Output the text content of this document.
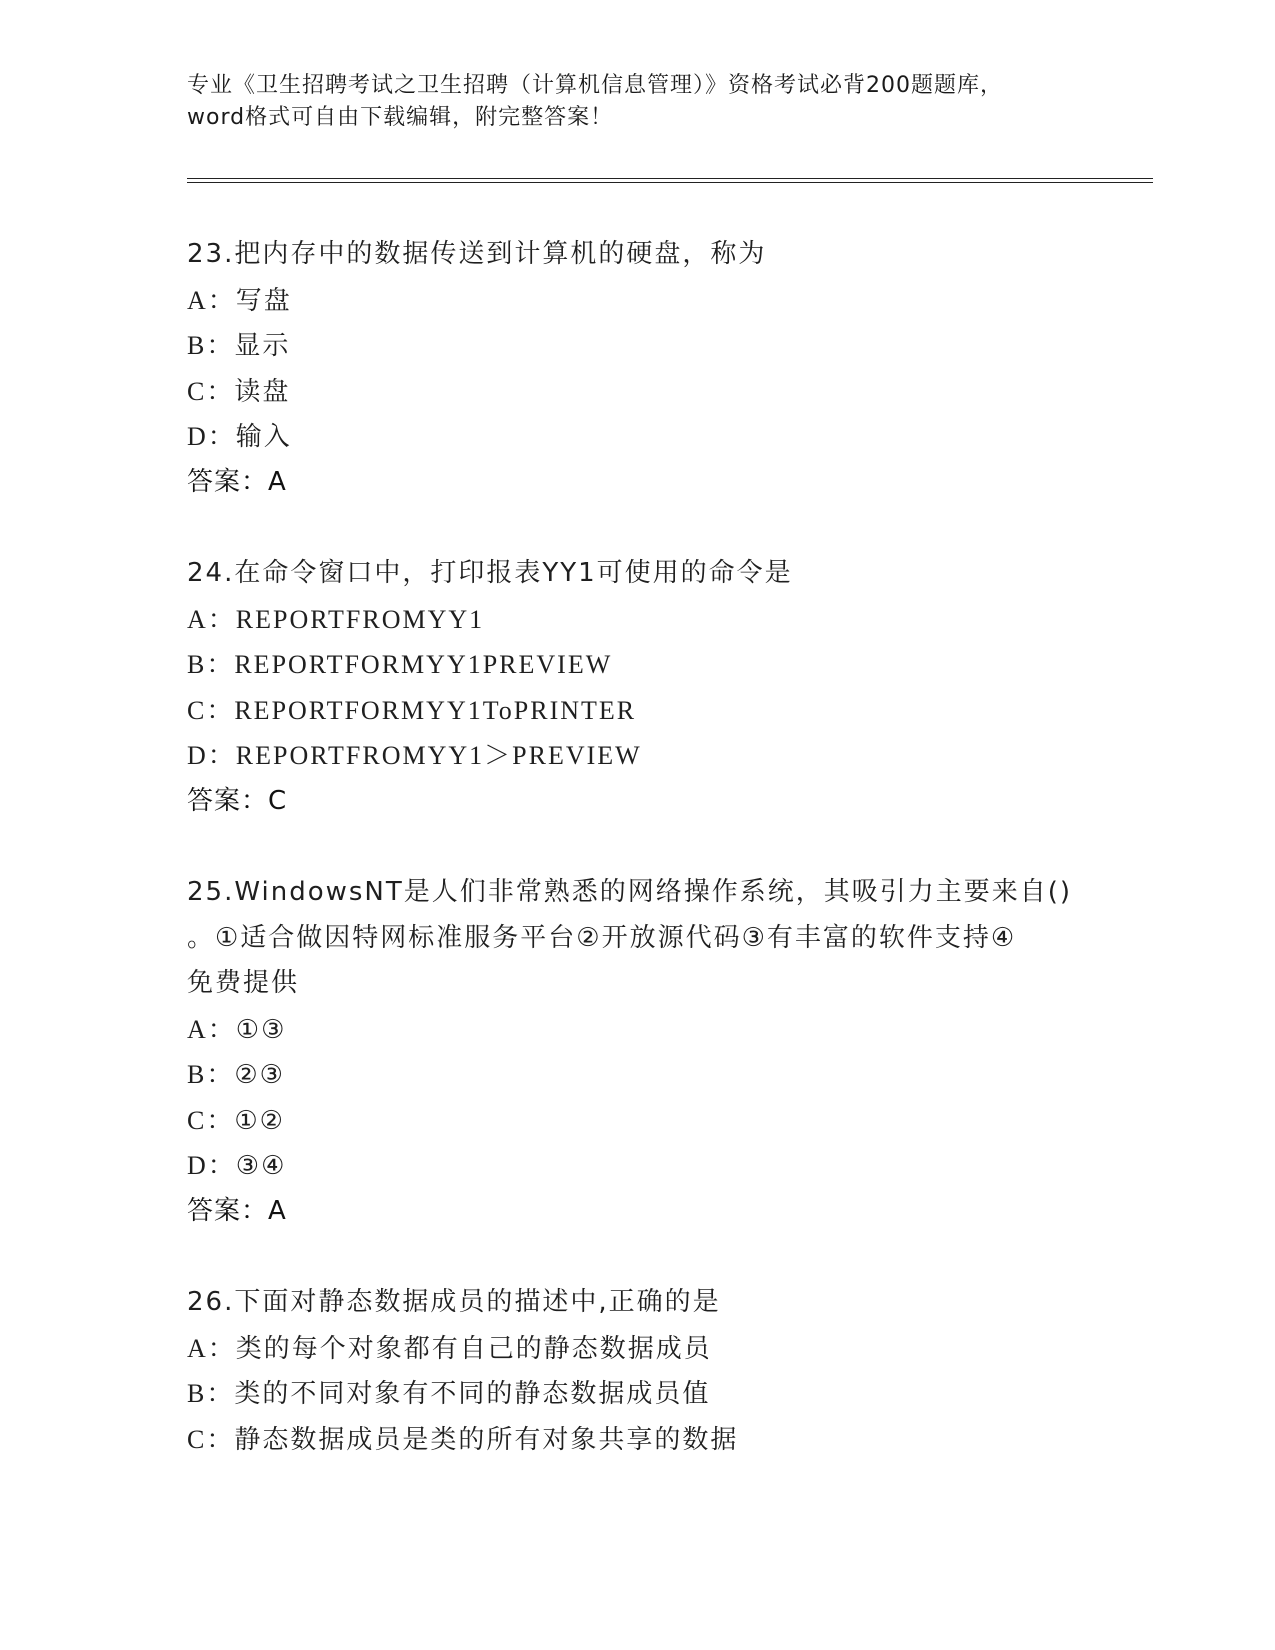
专业《卫生招聘考试之卫生招聘（计算机信息管理）》资格考试必背200题题库，
word格式可自由下载编辑，附完整答案！
23.把内存中的数据传送到计算机的硬盘，称为
A：写盘
B：显示
C：读盘
D：输入
答案：A
24.在命令窗口中，打印报表YY1可使用的命令是
A：REPORTFROMYY1
B：REPORTFORMYY1PREVIEW
C：REPORTFORMYY1ToPRINTER
D：REPORTFROMYY1＞PREVIEW
答案：C
25.WindowsNT是人们非常熟悉的网络操作系统，其吸引力主要来自()
。①适合做因特网标准服务平台②开放源代码③有丰富的软件支持④
免费提供
A：①③
B：②③
C：①②
D：③④
答案：A
26.下面对静态数据成员的描述中,正确的是
A：类的每个对象都有自己的静态数据成员
B：类的不同对象有不同的静态数据成员值
C：静态数据成员是类的所有对象共享的数据
